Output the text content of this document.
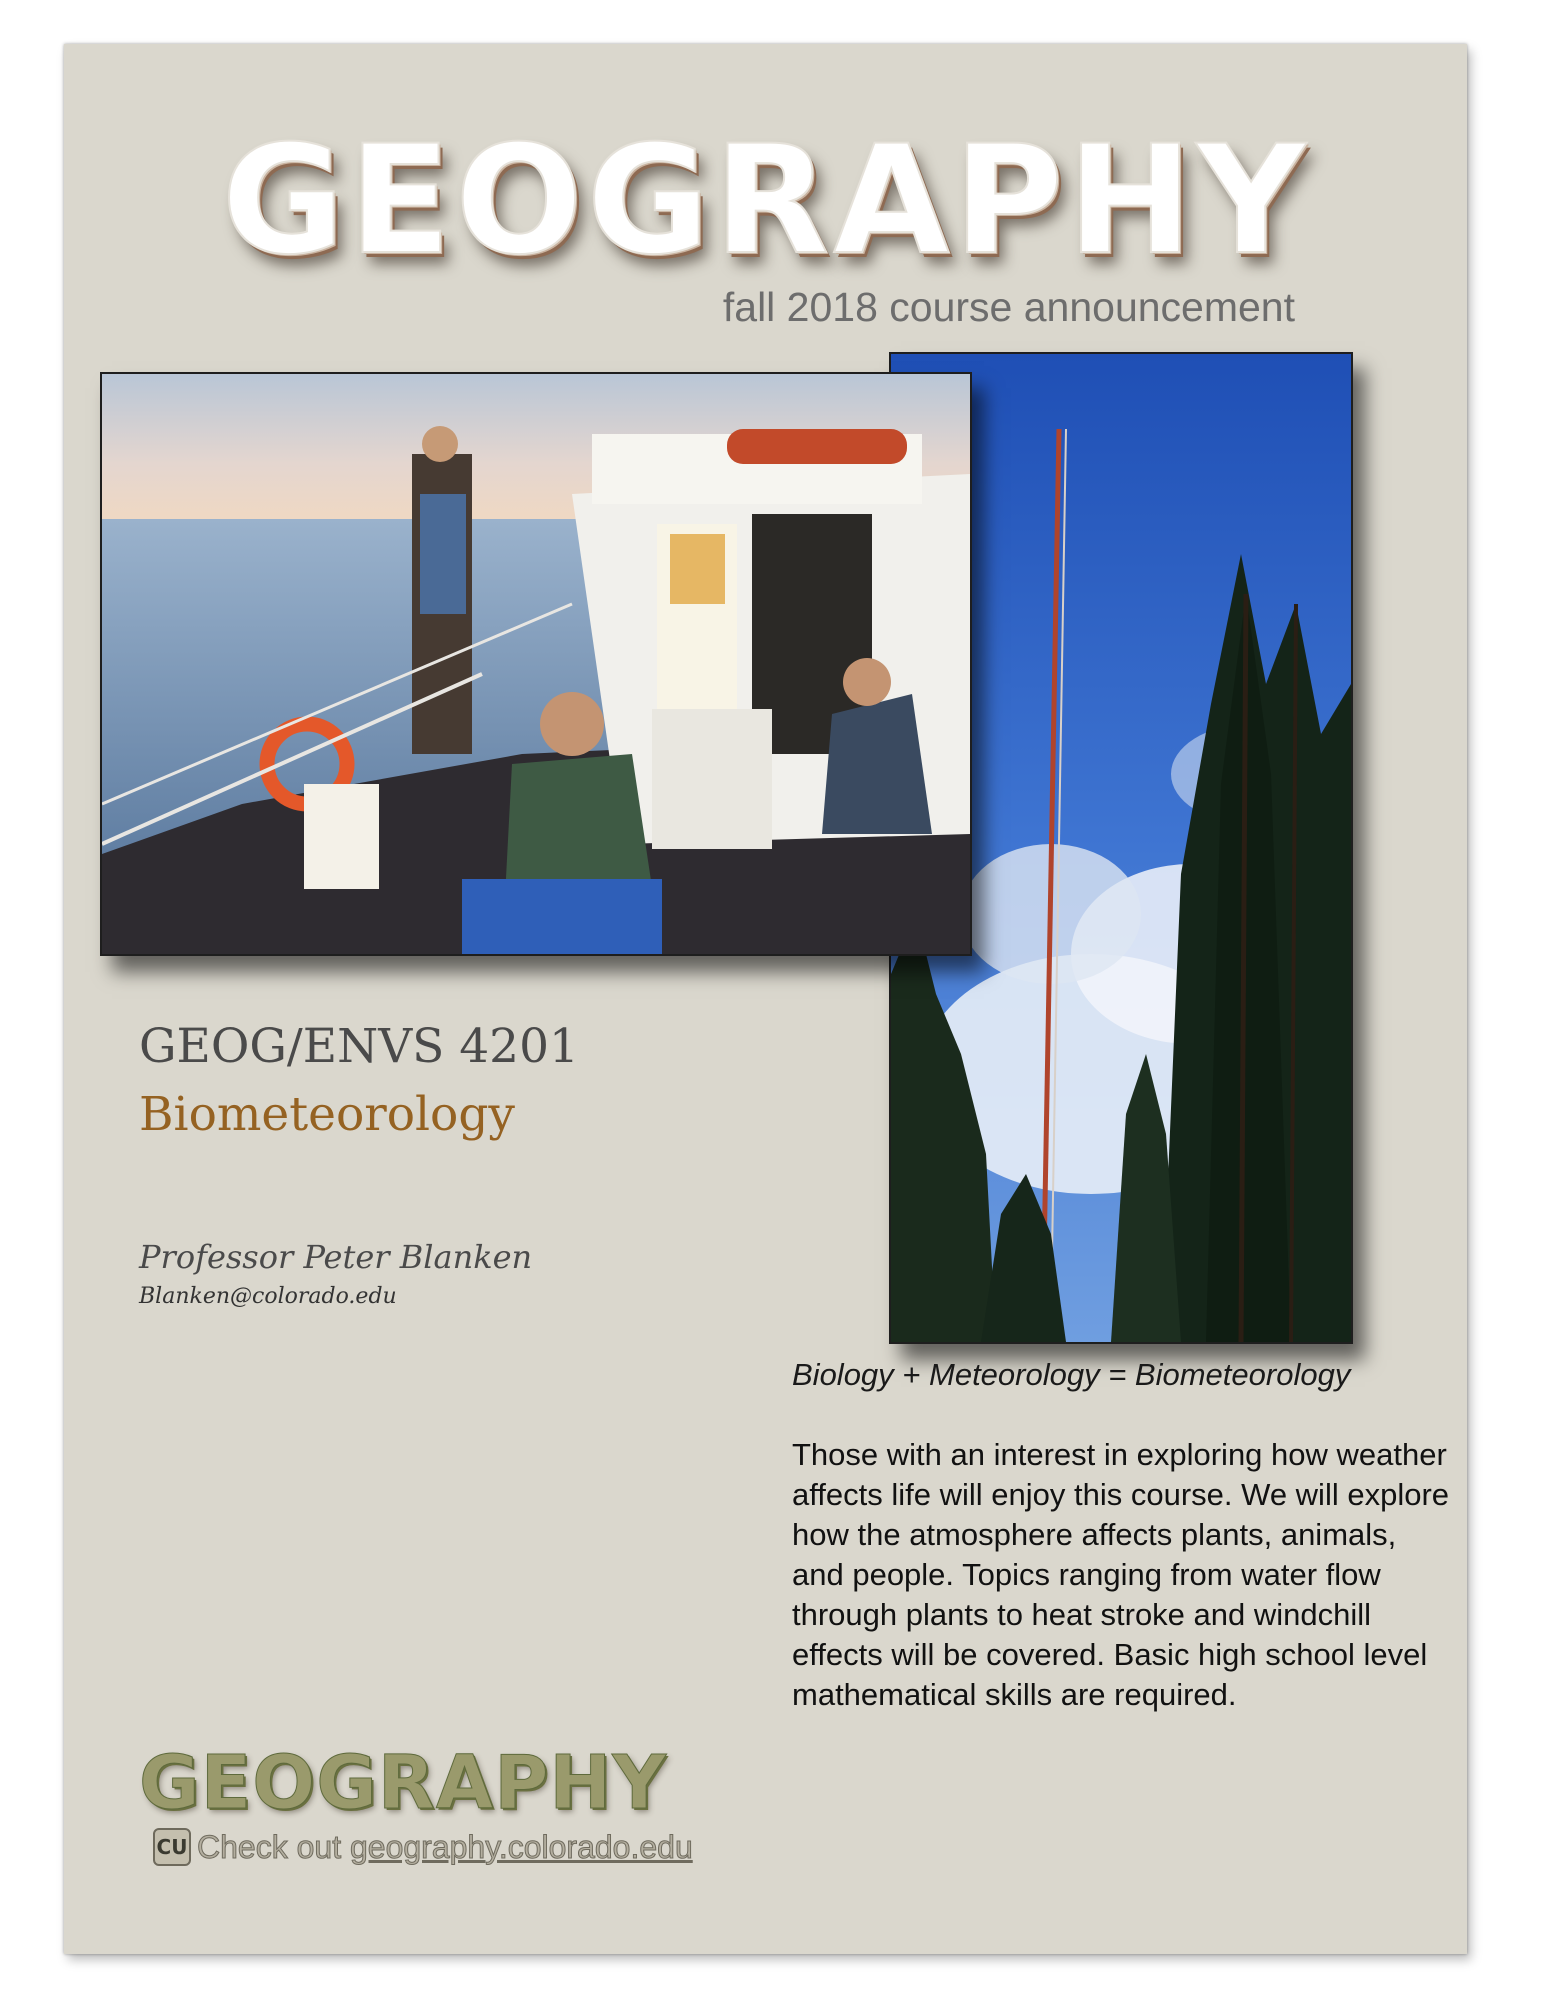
GEOGRAPHY
fall 2018 course announcement
GEOG/ENVS 4201
Biometeorology
Professor Peter Blanken
Blanken@colorado.edu
Biology + Meteorology = Biometeorology
Those with an interest in exploring how weather affects life will enjoy this course. We will explore how the atmosphere affects plants, animals, and people. Topics ranging from water flow through plants to heat stroke and windchill effects will be covered. Basic high school level mathematical skills are required.
GEOGRAPHY
CU Check out
geography.colorado.edu
